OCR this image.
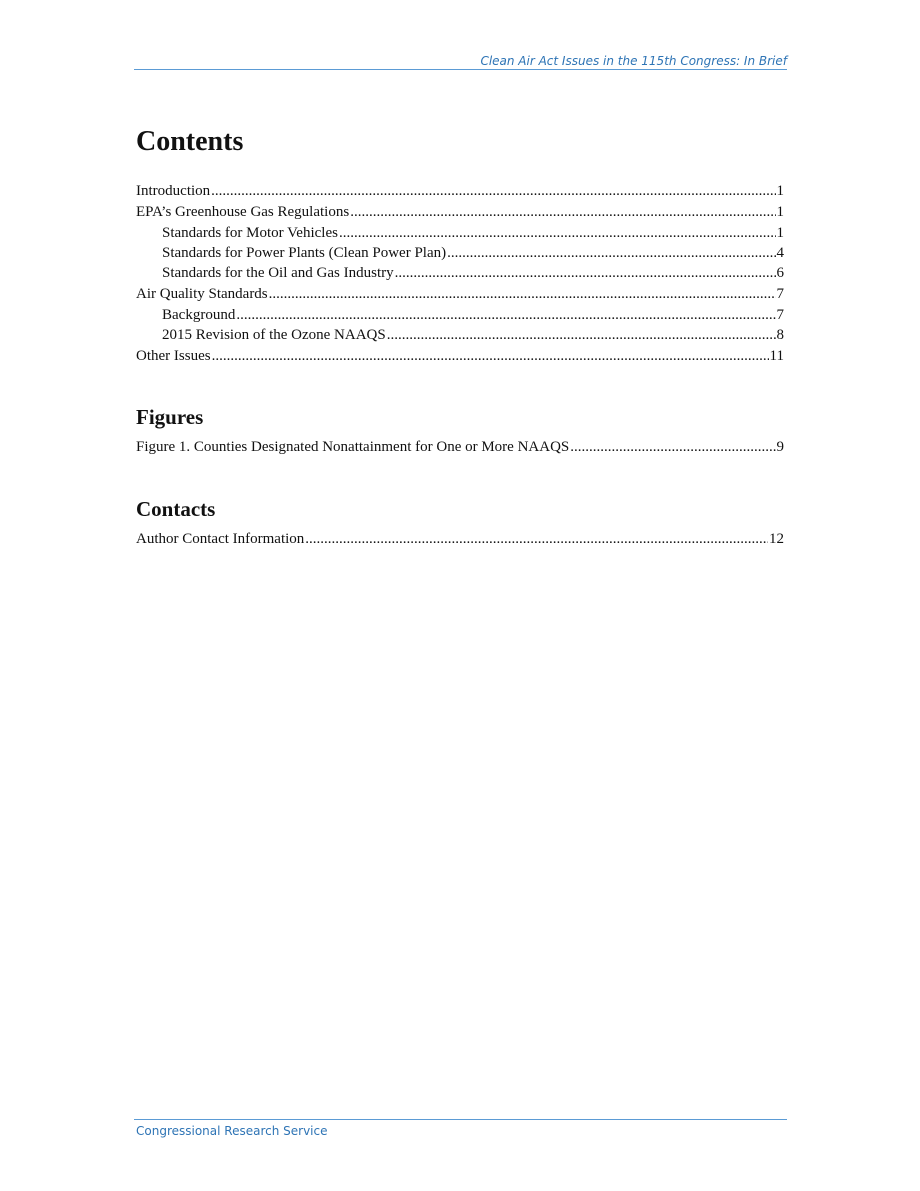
Clean Air Act Issues in the 115th Congress: In Brief
Contents
Introduction .....	1
EPA’s Greenhouse Gas Regulations .....	1
Standards for Motor Vehicles .....	1
Standards for Power Plants (Clean Power Plan) .....	4
Standards for the Oil and Gas Industry .....	6
Air Quality Standards .....	7
Background .....	7
2015 Revision of the Ozone NAAQS .....	8
Other Issues .....	11
Figures
Figure 1. Counties Designated Nonattainment for One or More NAAQS .....	9
Contacts
Author Contact Information .....	12
Congressional Research Service
